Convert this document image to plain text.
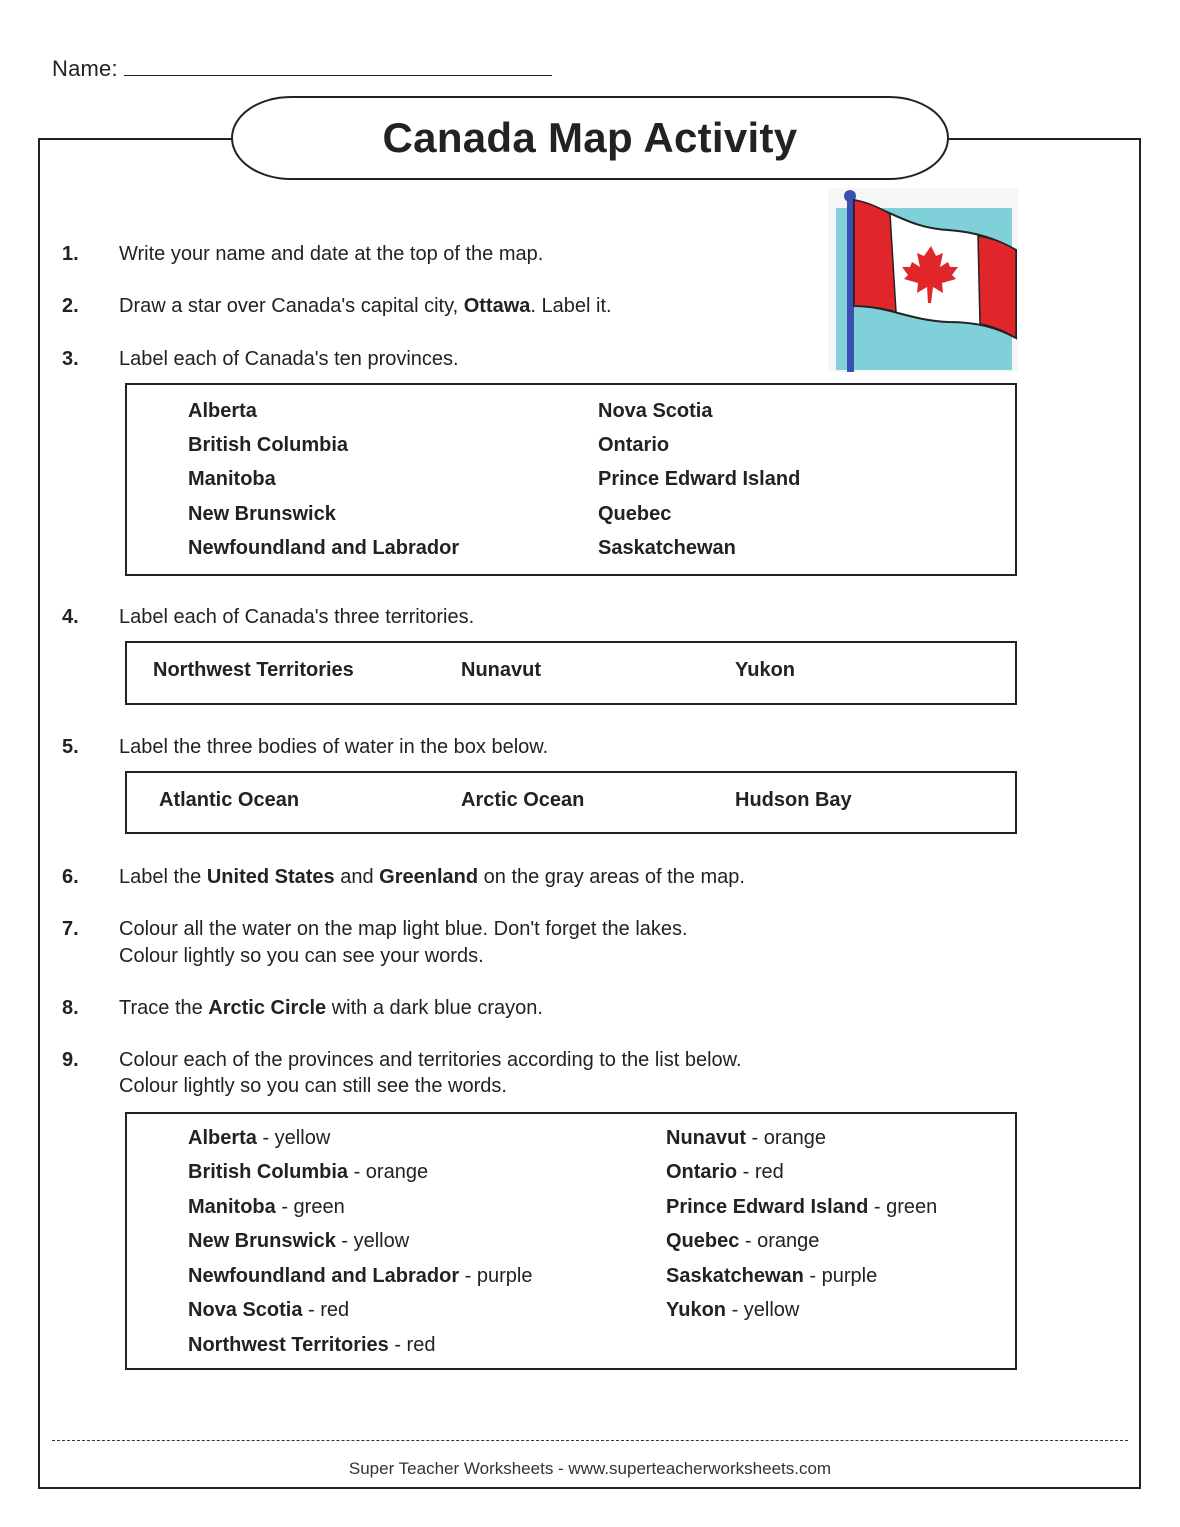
Name:
Canada Map Activity
1.	Write your name and date at the top of the map.
2.	Draw a star over Canada's capital city, Ottawa. Label it.
3.	Label each of Canada's ten provinces.
Alberta
British Columbia
Manitoba
New Brunswick
Newfoundland and Labrador
Nova Scotia
Ontario
Prince Edward Island
Quebec
Saskatchewan
4.	Label each of Canada's three territories.
Northwest Territories	Nunavut	Yukon
5.	Label the three bodies of water in the box below.
Atlantic Ocean	Arctic Ocean	Hudson Bay
6.	Label the United States and Greenland on the gray areas of the map.
7.	Colour all the water on the map light blue. Don't forget the lakes.
Colour lightly so you can see your words.
8.	Trace the Arctic Circle with a dark blue crayon.
9.	Colour each of the provinces and territories according to the list below.
Colour lightly so you can still see the words.
Alberta - yellow
British Columbia - orange
Manitoba - green
New Brunswick - yellow
Newfoundland and Labrador - purple
Nova Scotia - red
Northwest Territories - red
Nunavut - orange
Ontario - red
Prince Edward Island - green
Quebec - orange
Saskatchewan - purple
Yukon - yellow
Super Teacher Worksheets - www.superteacherworksheets.com
